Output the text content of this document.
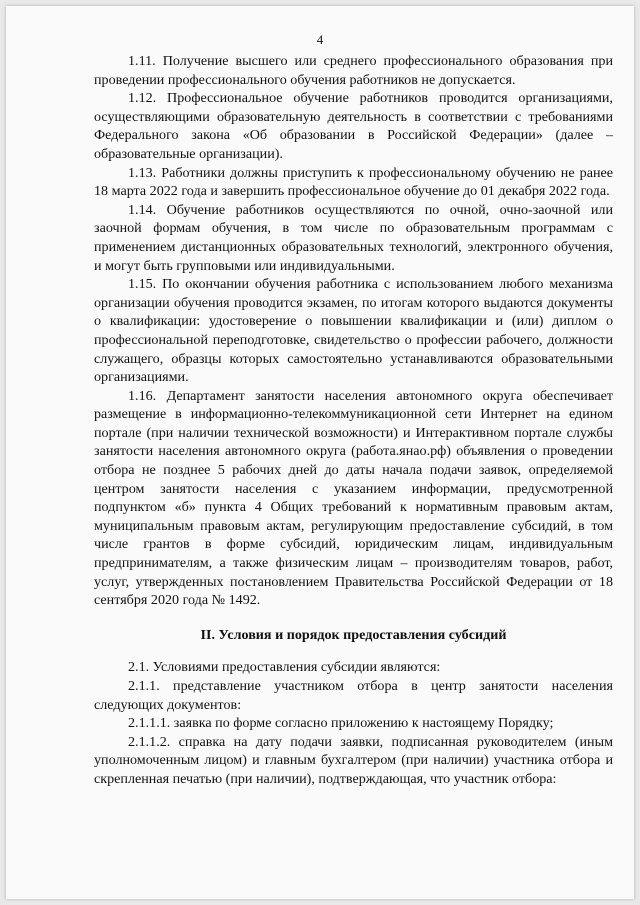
4

1.11. Получение высшего или среднего профессионального образования при проведении профессионального обучения работников не допускается.

1.12. Профессиональное обучение работников проводится организациями, осуществляющими образовательную деятельность в соответствии с требованиями Федерального закона «Об образовании в Российской Федерации» (далее – образовательные организации).

1.13. Работники должны приступить к профессиональному обучению не ранее 18 марта 2022 года и завершить профессиональное обучение до 01 декабря 2022 года.

1.14. Обучение работников осуществляются по очной, очно-заочной или заочной формам обучения, в том числе по образовательным программам с применением дистанционных образовательных технологий, электронного обучения, и могут быть групповыми или индивидуальными.

1.15. По окончании обучения работника с использованием любого механизма организации обучения проводится экзамен, по итогам которого выдаются документы о квалификации: удостоверение о повышении квалификации и (или) диплом о профессиональной переподготовке, свидетельство о профессии рабочего, должности служащего, образцы которых самостоятельно устанавливаются образовательными организациями.

1.16. Департамент занятости населения автономного округа обеспечивает размещение в информационно-телекоммуникационной сети Интернет на едином портале (при наличии технической возможности) и Интерактивном портале службы занятости населения автономного округа (работа.янао.рф) объявления о проведении отбора не позднее 5 рабочих дней до даты начала подачи заявок, определяемой центром занятости населения с указанием информации, предусмотренной подпунктом «б» пункта 4 Общих требований к нормативным правовым актам, муниципальным правовым актам, регулирующим предоставление субсидий, в том числе грантов в форме субсидий, юридическим лицам, индивидуальным предпринимателям, а также физическим лицам – производителям товаров, работ, услуг, утвержденных постановлением Правительства Российской Федерации от 18 сентября 2020 года № 1492.

II. Условия и порядок предоставления субсидий

2.1. Условиями предоставления субсидии являются:

2.1.1. представление участником отбора в центр занятости населения следующих документов:

2.1.1.1. заявка по форме согласно приложению к настоящему Порядку;

2.1.1.2. справка на дату подачи заявки, подписанная руководителем (иным уполномоченным лицом) и главным бухгалтером (при наличии) участника отбора и скрепленная печатью (при наличии), подтверждающая, что участник отбора:
